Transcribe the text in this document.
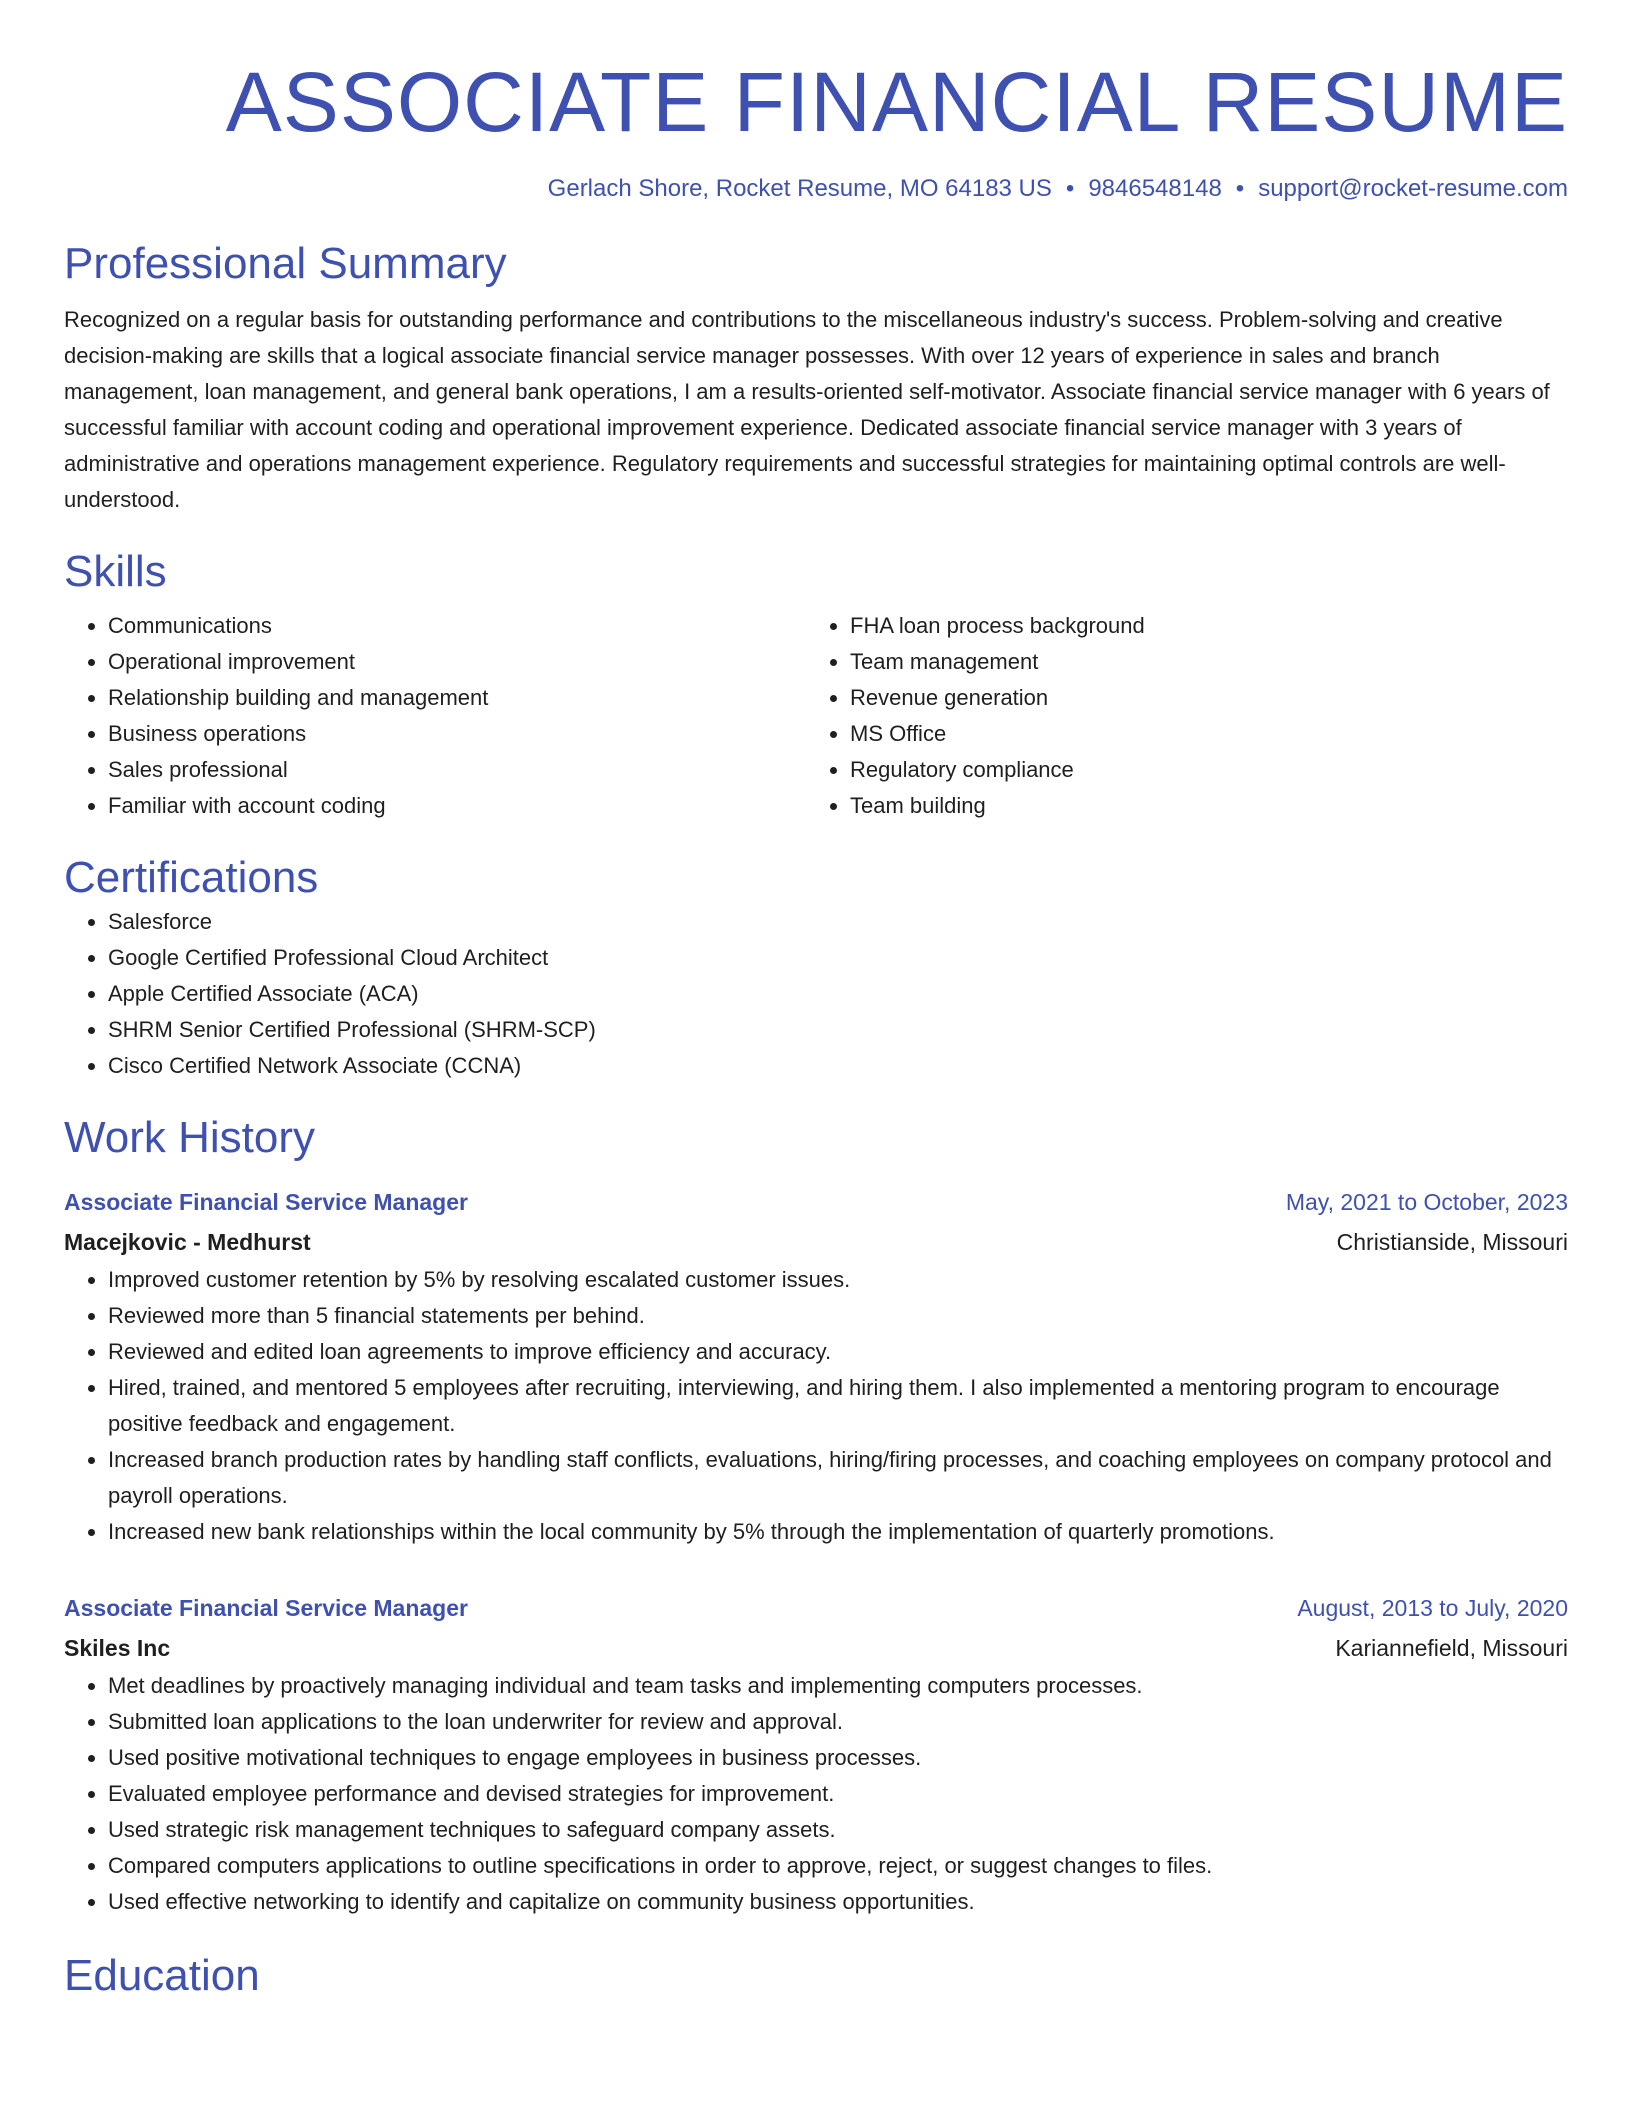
ASSOCIATE FINANCIAL RESUME
Gerlach Shore, Rocket Resume, MO 64183 US • 9846548148 • support@rocket-resume.com
Professional Summary
Recognized on a regular basis for outstanding performance and contributions to the miscellaneous industry's success. Problem-solving and creative decision-making are skills that a logical associate financial service manager possesses. With over 12 years of experience in sales and branch management, loan management, and general bank operations, I am a results-oriented self-motivator. Associate financial service manager with 6 years of successful familiar with account coding and operational improvement experience. Dedicated associate financial service manager with 3 years of administrative and operations management experience. Regulatory requirements and successful strategies for maintaining optimal controls are well-understood.
Skills
• Communications
• Operational improvement
• Relationship building and management
• Business operations
• Sales professional
• Familiar with account coding
• FHA loan process background
• Team management
• Revenue generation
• MS Office
• Regulatory compliance
• Team building
Certifications
• Salesforce
• Google Certified Professional Cloud Architect
• Apple Certified Associate (ACA)
• SHRM Senior Certified Professional (SHRM-SCP)
• Cisco Certified Network Associate (CCNA)
Work History
Associate Financial Service Manager	May, 2021 to October, 2023
Macejkovic - Medhurst	Christianside, Missouri
• Improved customer retention by 5% by resolving escalated customer issues.
• Reviewed more than 5 financial statements per behind.
• Reviewed and edited loan agreements to improve efficiency and accuracy.
• Hired, trained, and mentored 5 employees after recruiting, interviewing, and hiring them. I also implemented a mentoring program to encourage positive feedback and engagement.
• Increased branch production rates by handling staff conflicts, evaluations, hiring/firing processes, and coaching employees on company protocol and payroll operations.
• Increased new bank relationships within the local community by 5% through the implementation of quarterly promotions.
Associate Financial Service Manager	August, 2013 to July, 2020
Skiles Inc	Kariannefield, Missouri
• Met deadlines by proactively managing individual and team tasks and implementing computers processes.
• Submitted loan applications to the loan underwriter for review and approval.
• Used positive motivational techniques to engage employees in business processes.
• Evaluated employee performance and devised strategies for improvement.
• Used strategic risk management techniques to safeguard company assets.
• Compared computers applications to outline specifications in order to approve, reject, or suggest changes to files.
• Used effective networking to identify and capitalize on community business opportunities.
Education
